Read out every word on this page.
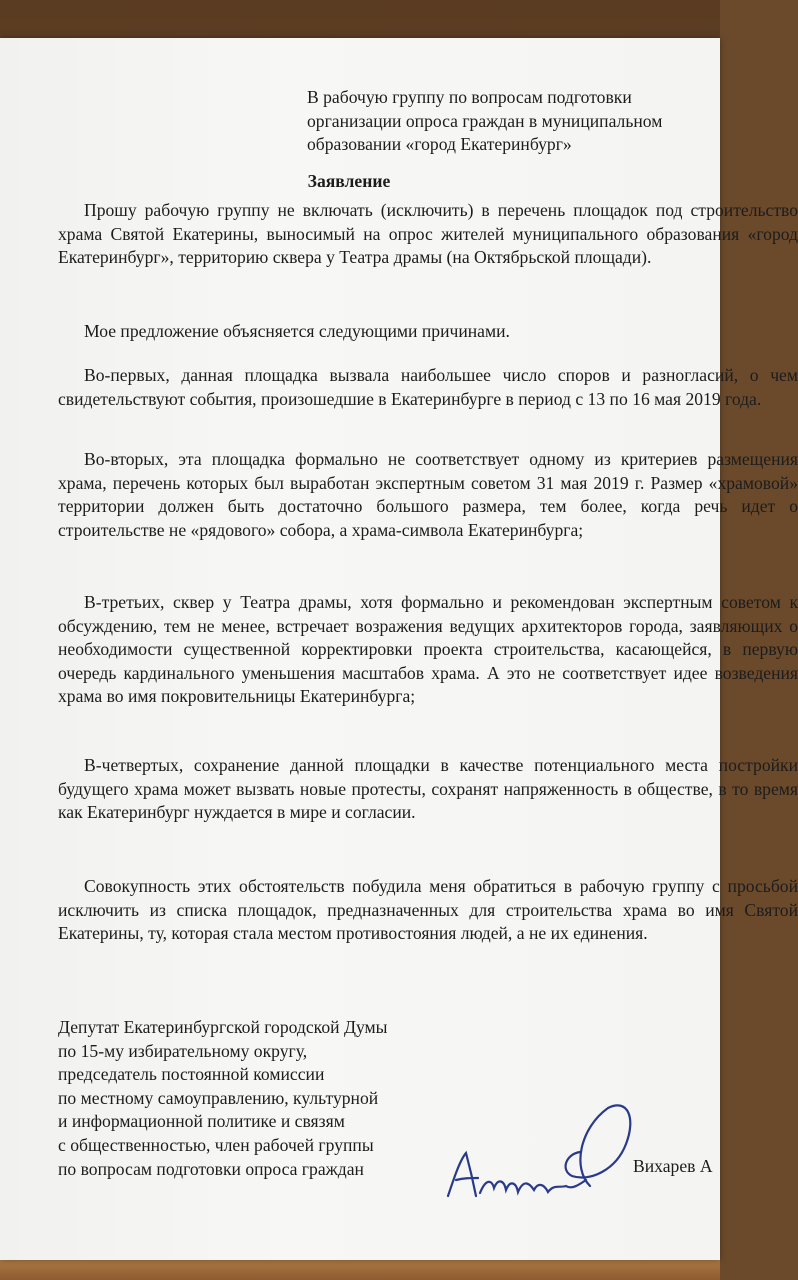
В рабочую группу по вопросам подготовки
организации опроса граждан в муниципальном
образовании «город Екатеринбург»
Заявление
Прошу рабочую группу не включать (исключить) в перечень площадок под строительство храма Святой Екатерины, выносимый на опрос жителей муниципального образования «город Екатеринбург», территорию сквера у Театра драмы (на Октябрьской площади).
Мое предложение объясняется следующими причинами.
Во-первых, данная площадка вызвала наибольшее число споров и разногласий, о чем свидетельствуют события, произошедшие в Екатеринбурге в период с 13 по 16 мая 2019 года.
Во-вторых, эта площадка формально не соответствует одному из критериев размещения храма, перечень которых был выработан экспертным советом 31 мая 2019 г. Размер «храмовой» территории должен быть достаточно большого размера, тем более, когда речь идет о строительстве не «рядового» собора, а храма-символа Екатеринбурга;
В-третьих, сквер у Театра драмы, хотя формально и рекомендован экспертным советом к обсуждению, тем не менее, встречает возражения ведущих архитекторов города, заявляющих о необходимости существенной корректировки проекта строительства, касающейся, в первую очередь кардинального уменьшения масштабов храма. А это не соответствует идее возведения храма во имя покровительницы Екатеринбурга;
В-четвертых, сохранение данной площадки в качестве потенциального места постройки будущего храма может вызвать новые протесты, сохранят напряженность в обществе, в то время как Екатеринбург нуждается в мире и согласии.
Совокупность этих обстоятельств побудила меня обратиться в рабочую группу с просьбой исключить из списка площадок, предназначенных для строительства храма во имя Святой Екатерины, ту, которая стала местом противостояния людей, а не их единения.
Депутат Екатеринбургской городской Думы
по 15-му избирательному округу,
председатель постоянной комиссии
по местному самоуправлению, культурной
и информационной политике и связям
с общественностью, член рабочей группы
по вопросам подготовки опроса граждан	Вихарев А
